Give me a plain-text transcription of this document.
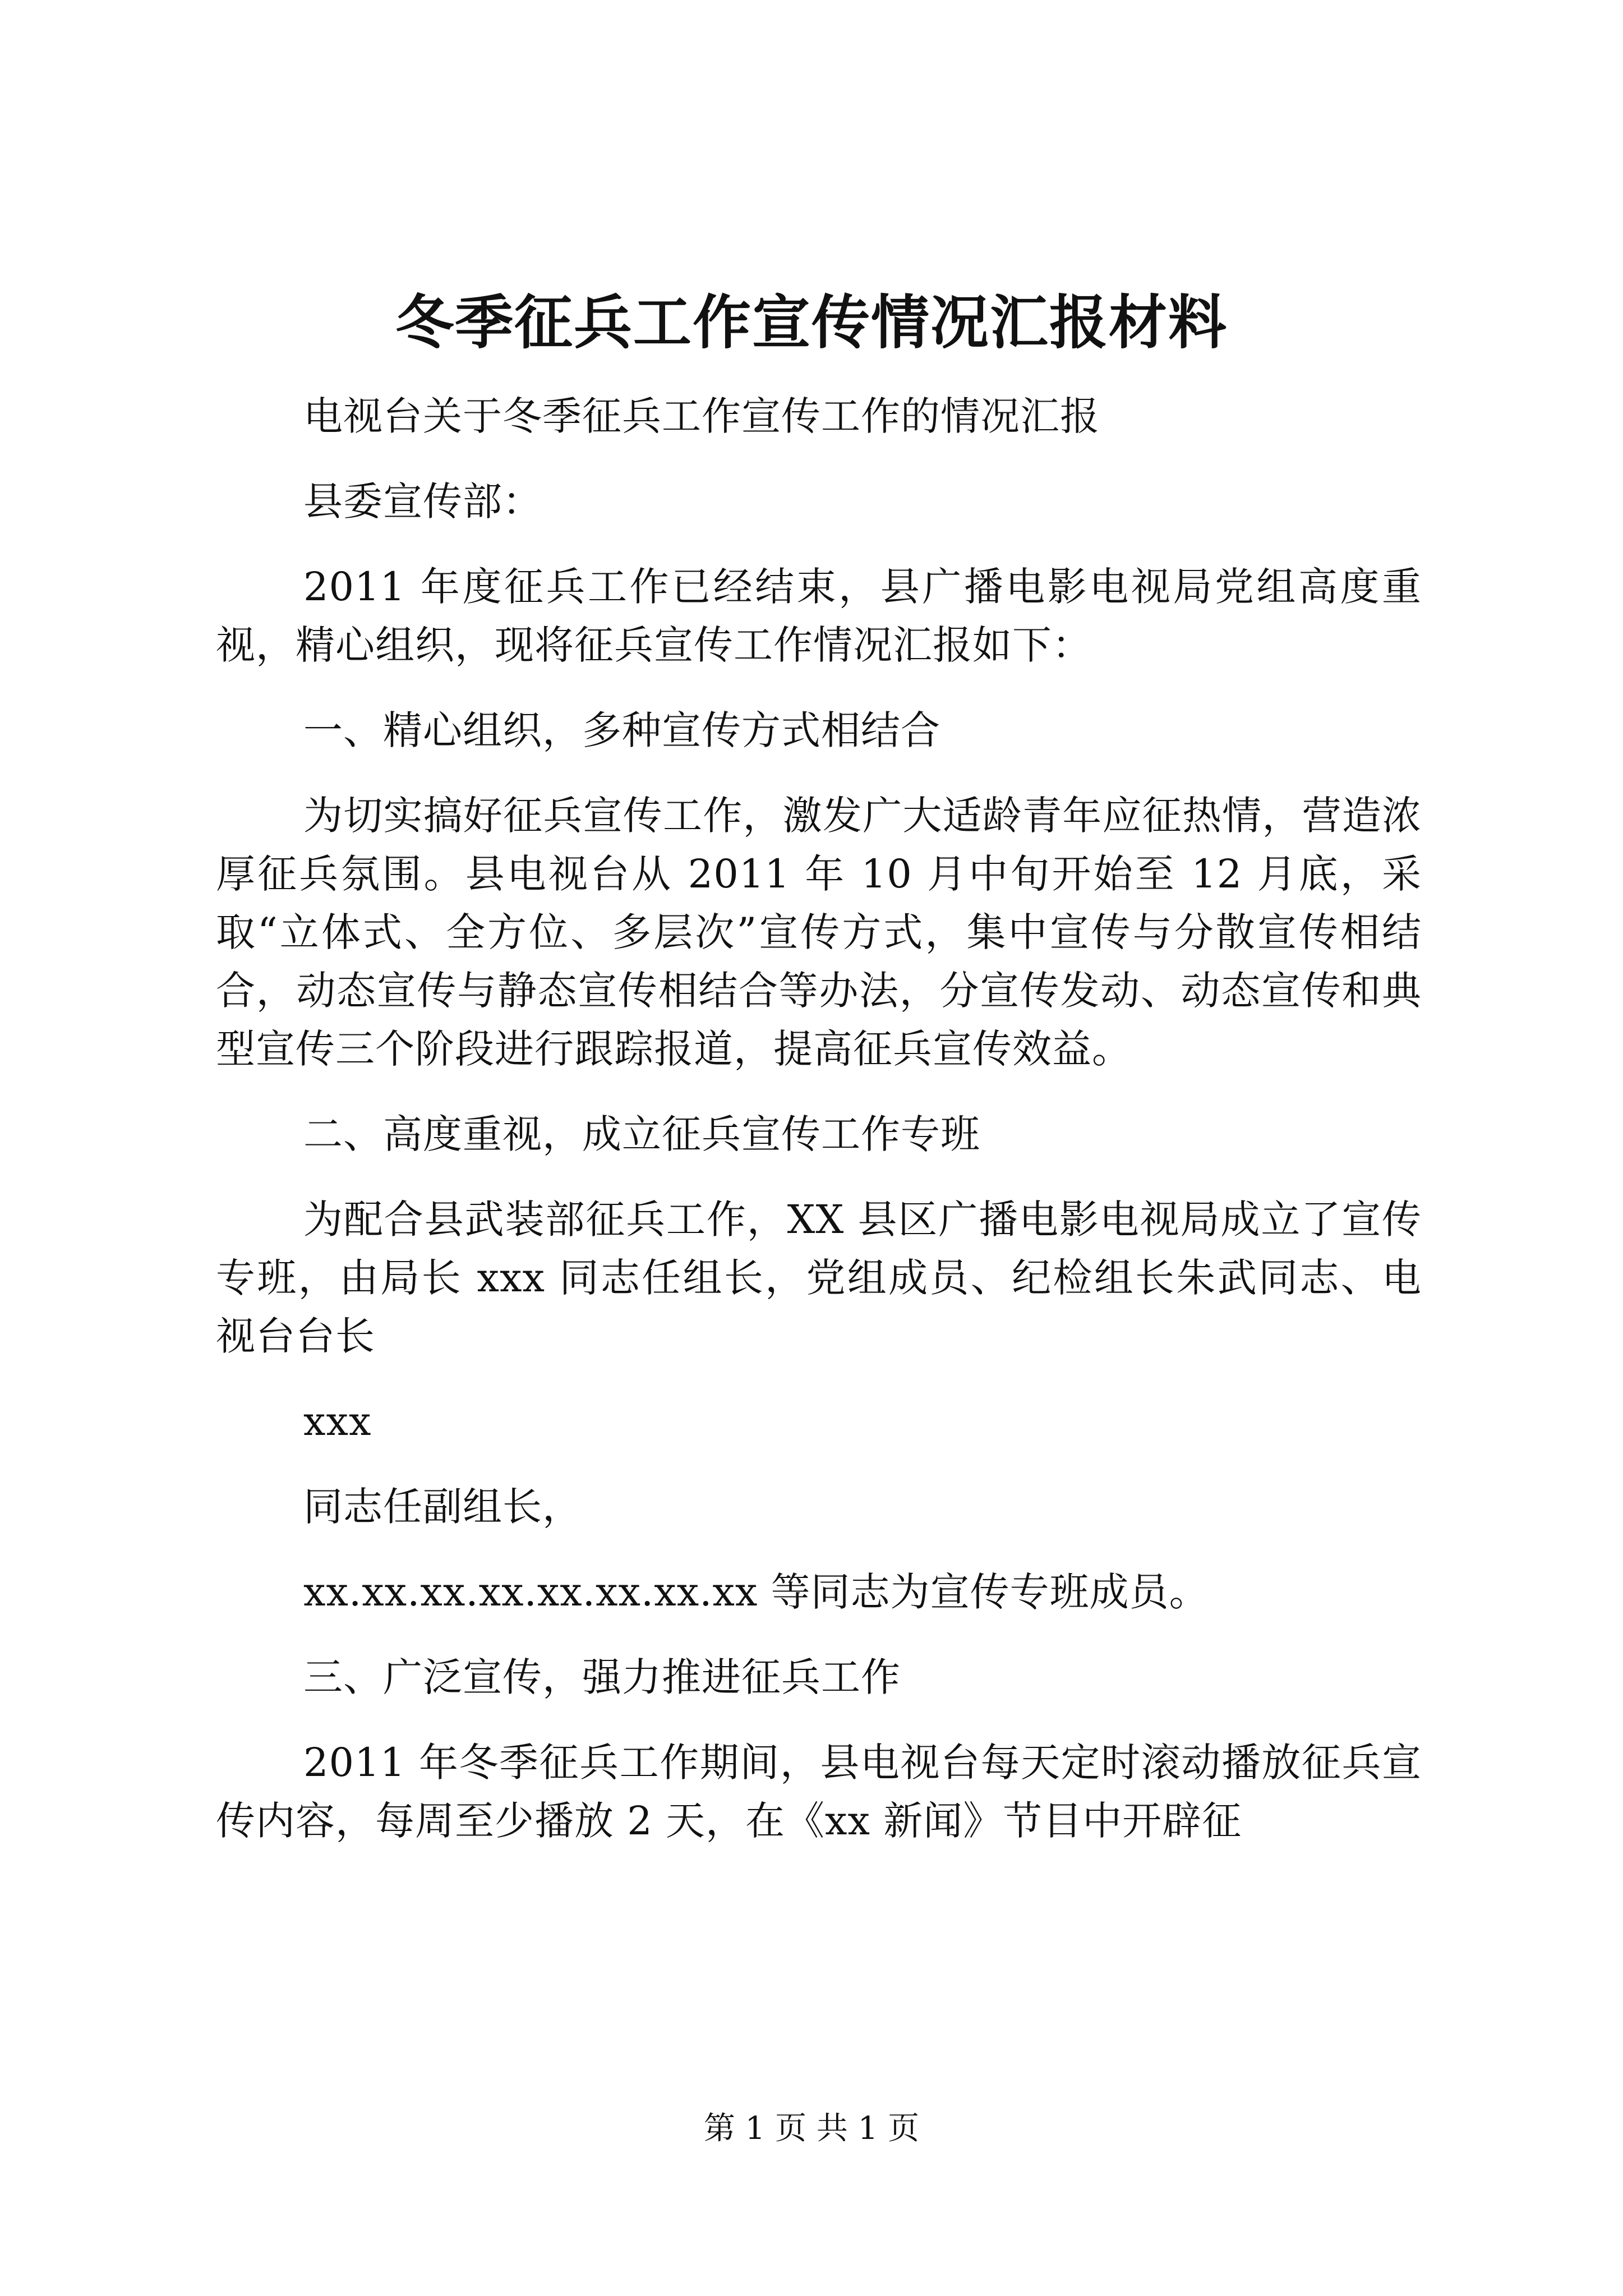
冬季征兵工作宣传情况汇报材料

电视台关于冬季征兵工作宣传工作的情况汇报

县委宣传部：

2011 年度征兵工作已经结束，县广播电影电视局党组高度重视，精心组织，现将征兵宣传工作情况汇报如下：

一、精心组织，多种宣传方式相结合

为切实搞好征兵宣传工作，激发广大适龄青年应征热情，营造浓厚征兵氛围。县电视台从 2011 年 10 月中旬开始至 12 月底，采取“立体式、全方位、多层次”宣传方式，集中宣传与分散宣传相结合，动态宣传与静态宣传相结合等办法，分宣传发动、动态宣传和典型宣传三个阶段进行跟踪报道，提高征兵宣传效益。

二、高度重视，成立征兵宣传工作专班

为配合县武装部征兵工作，XX 县区广播电影电视局成立了宣传专班，由局长 xxx 同志任组长，党组成员、纪检组长朱武同志、电视台台长

xxx

同志任副组长，

xx.xx.xx.xx.xx.xx.xx.xx 等同志为宣传专班成员。

三、广泛宣传，强力推进征兵工作

2011 年冬季征兵工作期间，县电视台每天定时滚动播放征兵宣传内容，每周至少播放 2 天，在《xx 新闻》节目中开辟征

第 1 页 共 1 页
